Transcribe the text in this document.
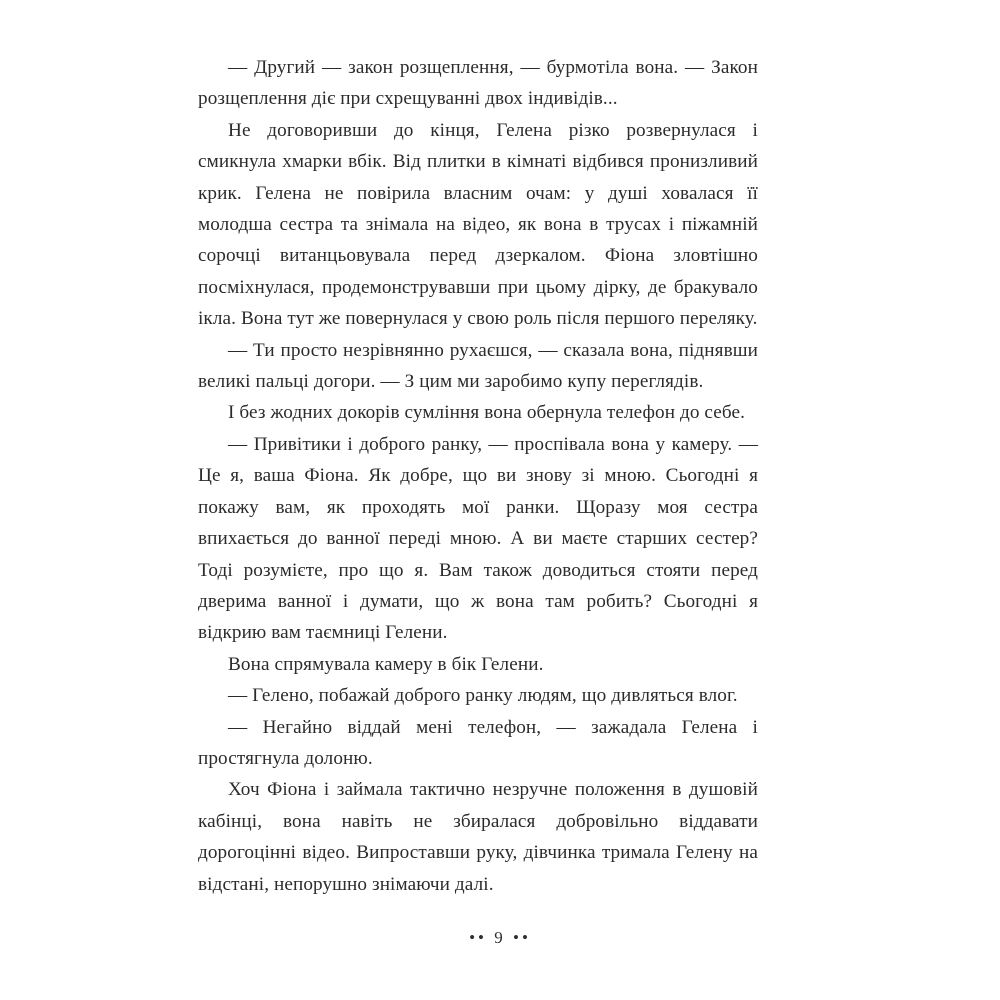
— Другий — закон розщеплення, — бурмотіла вона. — Закон розщеплення діє при схрещуванні двох індивідів...

Не договоривши до кінця, Гелена різко розвернулася і смикнула хмарки вбік. Від плитки в кімнаті відбився пронизливий крик. Гелена не повірила власним очам: у душі ховалася її молодша сестра та знімала на відео, як вона в трусах і піжамній сорочці витанцьовувала перед дзеркалом. Фіона зловтішно посміхнулася, продемонструвавши при цьому дірку, де бракувало ікла. Вона тут же повернулася у свою роль після першого переляку.

— Ти просто незрівнянно рухаєшся, — сказала вона, піднявши великі пальці догори. — З цим ми заробимо купу переглядів.

І без жодних докорів сумління вона обернула телефон до себе.

— Привітики і доброго ранку, — проспівала вона у камеру. — Це я, ваша Фіона. Як добре, що ви знову зі мною. Сьогодні я покажу вам, як проходять мої ранки. Щоразу моя сестра впихається до ванної переді мною. А ви маєте старших сестер? Тоді розумієте, про що я. Вам також доводиться стояти перед дверима ванної і думати, що ж вона там робить? Сьогодні я відкрию вам таємниці Гелени.

Вона спрямувала камеру в бік Гелени.

— Гелено, побажай доброго ранку людям, що дивляться влог.

— Негайно віддай мені телефон, — зажадала Гелена і простягнула долоню.

Хоч Фіона і займала тактично незручне положення в душовій кабінці, вона навіть не збиралася добровільно віддавати дорогоцінні відео. Випроставши руку, дівчинка тримала Гелену на відстані, непорушно знімаючи далі.

•• 9 ••
